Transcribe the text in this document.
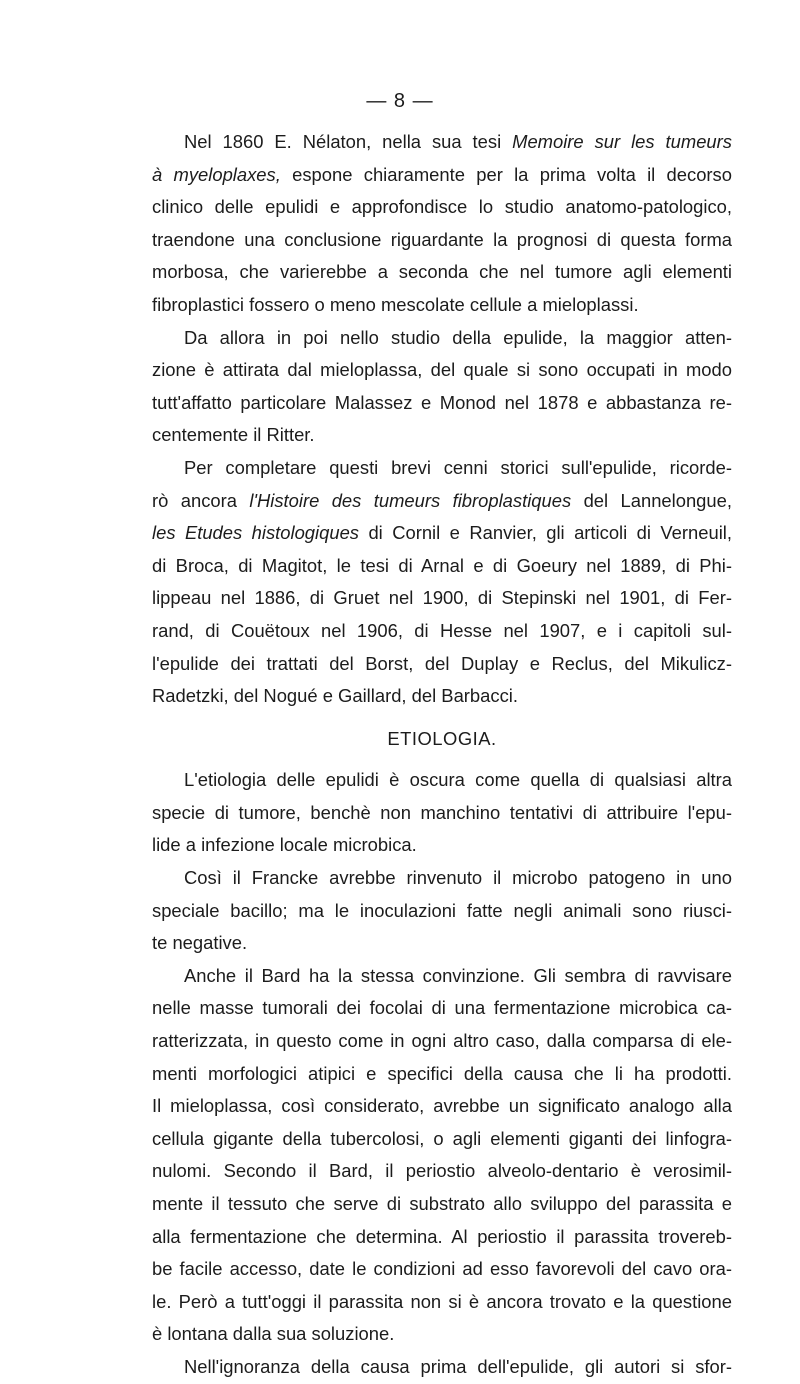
— 8 —
Nel 1860 E. Nélaton, nella sua tesi Memoire sur les tumeurs
à myeloplaxes, espone chiaramente per la prima volta il decorso
clinico delle epulidi e approfondisce lo studio anatomo-patologico,
traendone una conclusione riguardante la prognosi di questa forma
morbosa, che varierebbe a seconda che nel tumore agli elementi
fibroplastici fossero o meno mescolate cellule a mieloplassi.
Da allora in poi nello studio della epulide, la maggior atten-
zione è attirata dal mieloplassa, del quale si sono occupati in modo
tutt'affatto particolare Malassez e Monod nel 1878 e abbastanza re-
centemente il Ritter.
Per completare questi brevi cenni storici sull'epulide, ricorde-
rò ancora l'Histoire des tumeurs fibroplastiques del Lannelongue,
les Etudes histologiques di Cornil e Ranvier, gli articoli di Verneuil,
di Broca, di Magitot, le tesi di Arnal e di Goeury nel 1889, di Phi-
lippeau nel 1886, di Gruet nel 1900, di Stepinski nel 1901, di Fer-
rand, di Couëtoux nel 1906, di Hesse nel 1907, e i capitoli sul-
l'epulide dei trattati del Borst, del Duplay e Reclus, del Mikulicz-
Radetzki, del Nogué e Gaillard, del Barbacci.
ETIOLOGIA.
L'etiologia delle epulidi è oscura come quella di qualsiasi altra
specie di tumore, benchè non manchino tentativi di attribuire l'epu-
lide a infezione locale microbica.
Così il Francke avrebbe rinvenuto il microbo patogeno in uno
speciale bacillo; ma le inoculazioni fatte negli animali sono riusci-
te negative.
Anche il Bard ha la stessa convinzione. Gli sembra di ravvisare
nelle masse tumorali dei focolai di una fermentazione microbica ca-
ratterizzata, in questo come in ogni altro caso, dalla comparsa di ele-
menti morfologici atipici e specifici della causa che li ha prodotti.
Il mieloplassa, così considerato, avrebbe un significato analogo alla
cellula gigante della tubercolosi, o agli elementi giganti dei linfogra-
nulomi. Secondo il Bard, il periostio alveolo-dentario è verosimil-
mente il tessuto che serve di substrato allo sviluppo del parassita e
alla fermentazione che determina. Al periostio il parassita trovereb-
be facile accesso, date le condizioni ad esso favorevoli del cavo ora-
le. Però a tutt'oggi il parassita non si è ancora trovato e la questione
è lontana dalla sua soluzione.
Nell'ignoranza della causa prima dell'epulide, gli autori si sfor-
